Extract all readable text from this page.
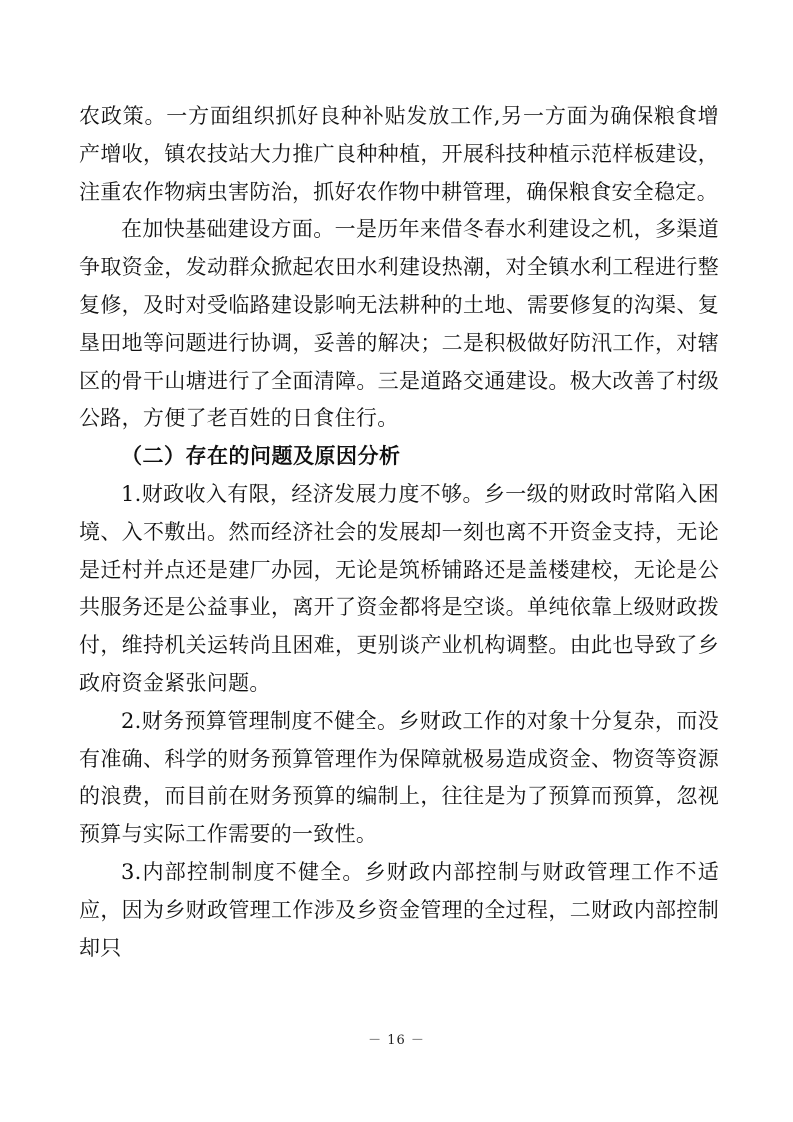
农政策。一方面组织抓好良种补贴发放工作,另一方面为确保粮食增产增收，镇农技站大力推广良种种植，开展科技种植示范样板建设，注重农作物病虫害防治，抓好农作物中耕管理，确保粮食安全稳定。

在加快基础建设方面。一是历年来借冬春水利建设之机，多渠道争取资金，发动群众掀起农田水利建设热潮，对全镇水利工程进行整复修，及时对受临路建设影响无法耕种的土地、需要修复的沟渠、复垦田地等问题进行协调，妥善的解决；二是积极做好防汛工作，对辖区的骨干山塘进行了全面清障。三是道路交通建设。极大改善了村级公路，方便了老百姓的日食住行。

（二）存在的问题及原因分析

1.财政收入有限，经济发展力度不够。乡一级的财政时常陷入困境、入不敷出。然而经济社会的发展却一刻也离不开资金支持，无论是迁村并点还是建厂办园，无论是筑桥铺路还是盖楼建校，无论是公共服务还是公益事业，离开了资金都将是空谈。单纯依靠上级财政拨付，维持机关运转尚且困难，更别谈产业机构调整。由此也导致了乡政府资金紧张问题。

2.财务预算管理制度不健全。乡财政工作的对象十分复杂，而没有准确、科学的财务预算管理作为保障就极易造成资金、物资等资源的浪费，而目前在财务预算的编制上，往往是为了预算而预算，忽视预算与实际工作需要的一致性。

3.内部控制制度不健全。乡财政内部控制与财政管理工作不适应，因为乡财政管理工作涉及乡资金管理的全过程，二财政内部控制却只

－ 16 －
